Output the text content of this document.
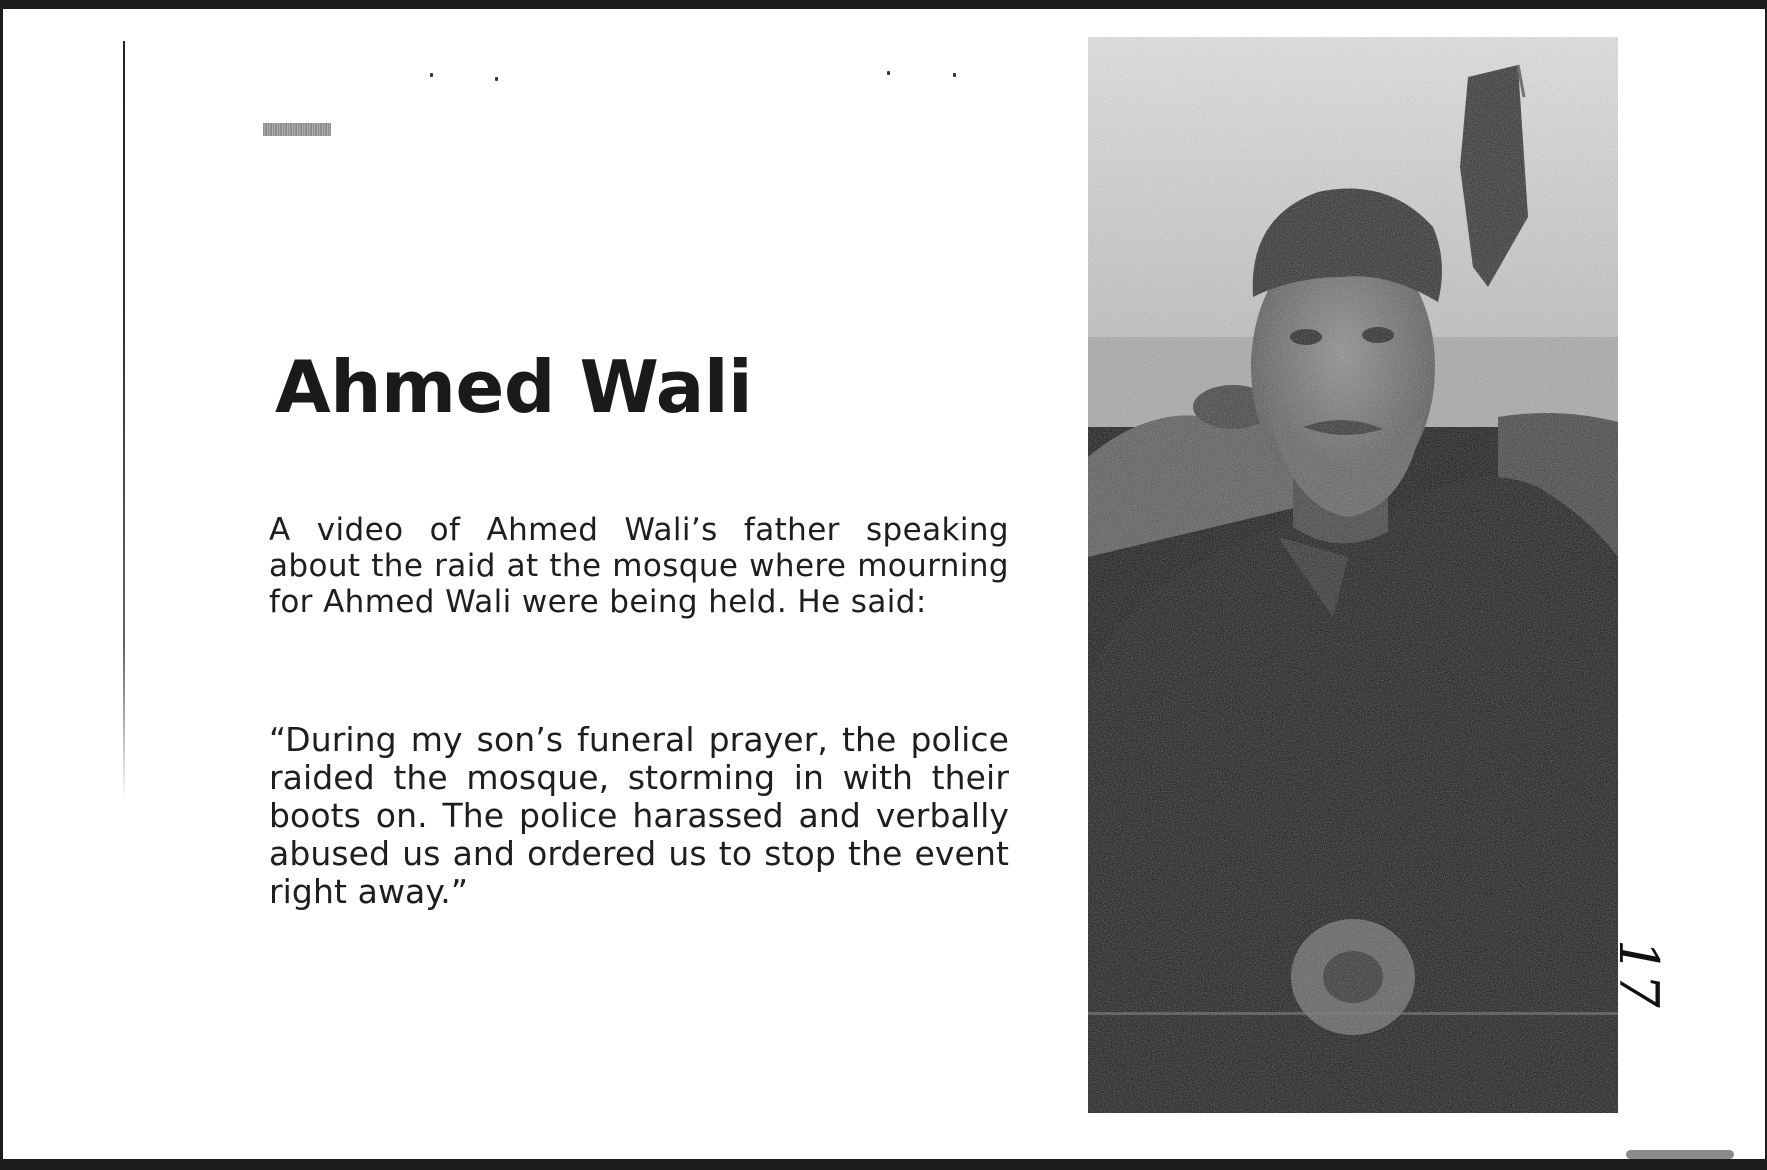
Ahmed Wali

A video of Ahmed Wali’s father speaking about the raid at the mosque where mourning for Ahmed Wali were being held. He said:

“During my son’s funeral prayer, the police raided the mosque, storming in with their boots on. The police harassed and verbally abused us and ordered us to stop the event right away.”

17
